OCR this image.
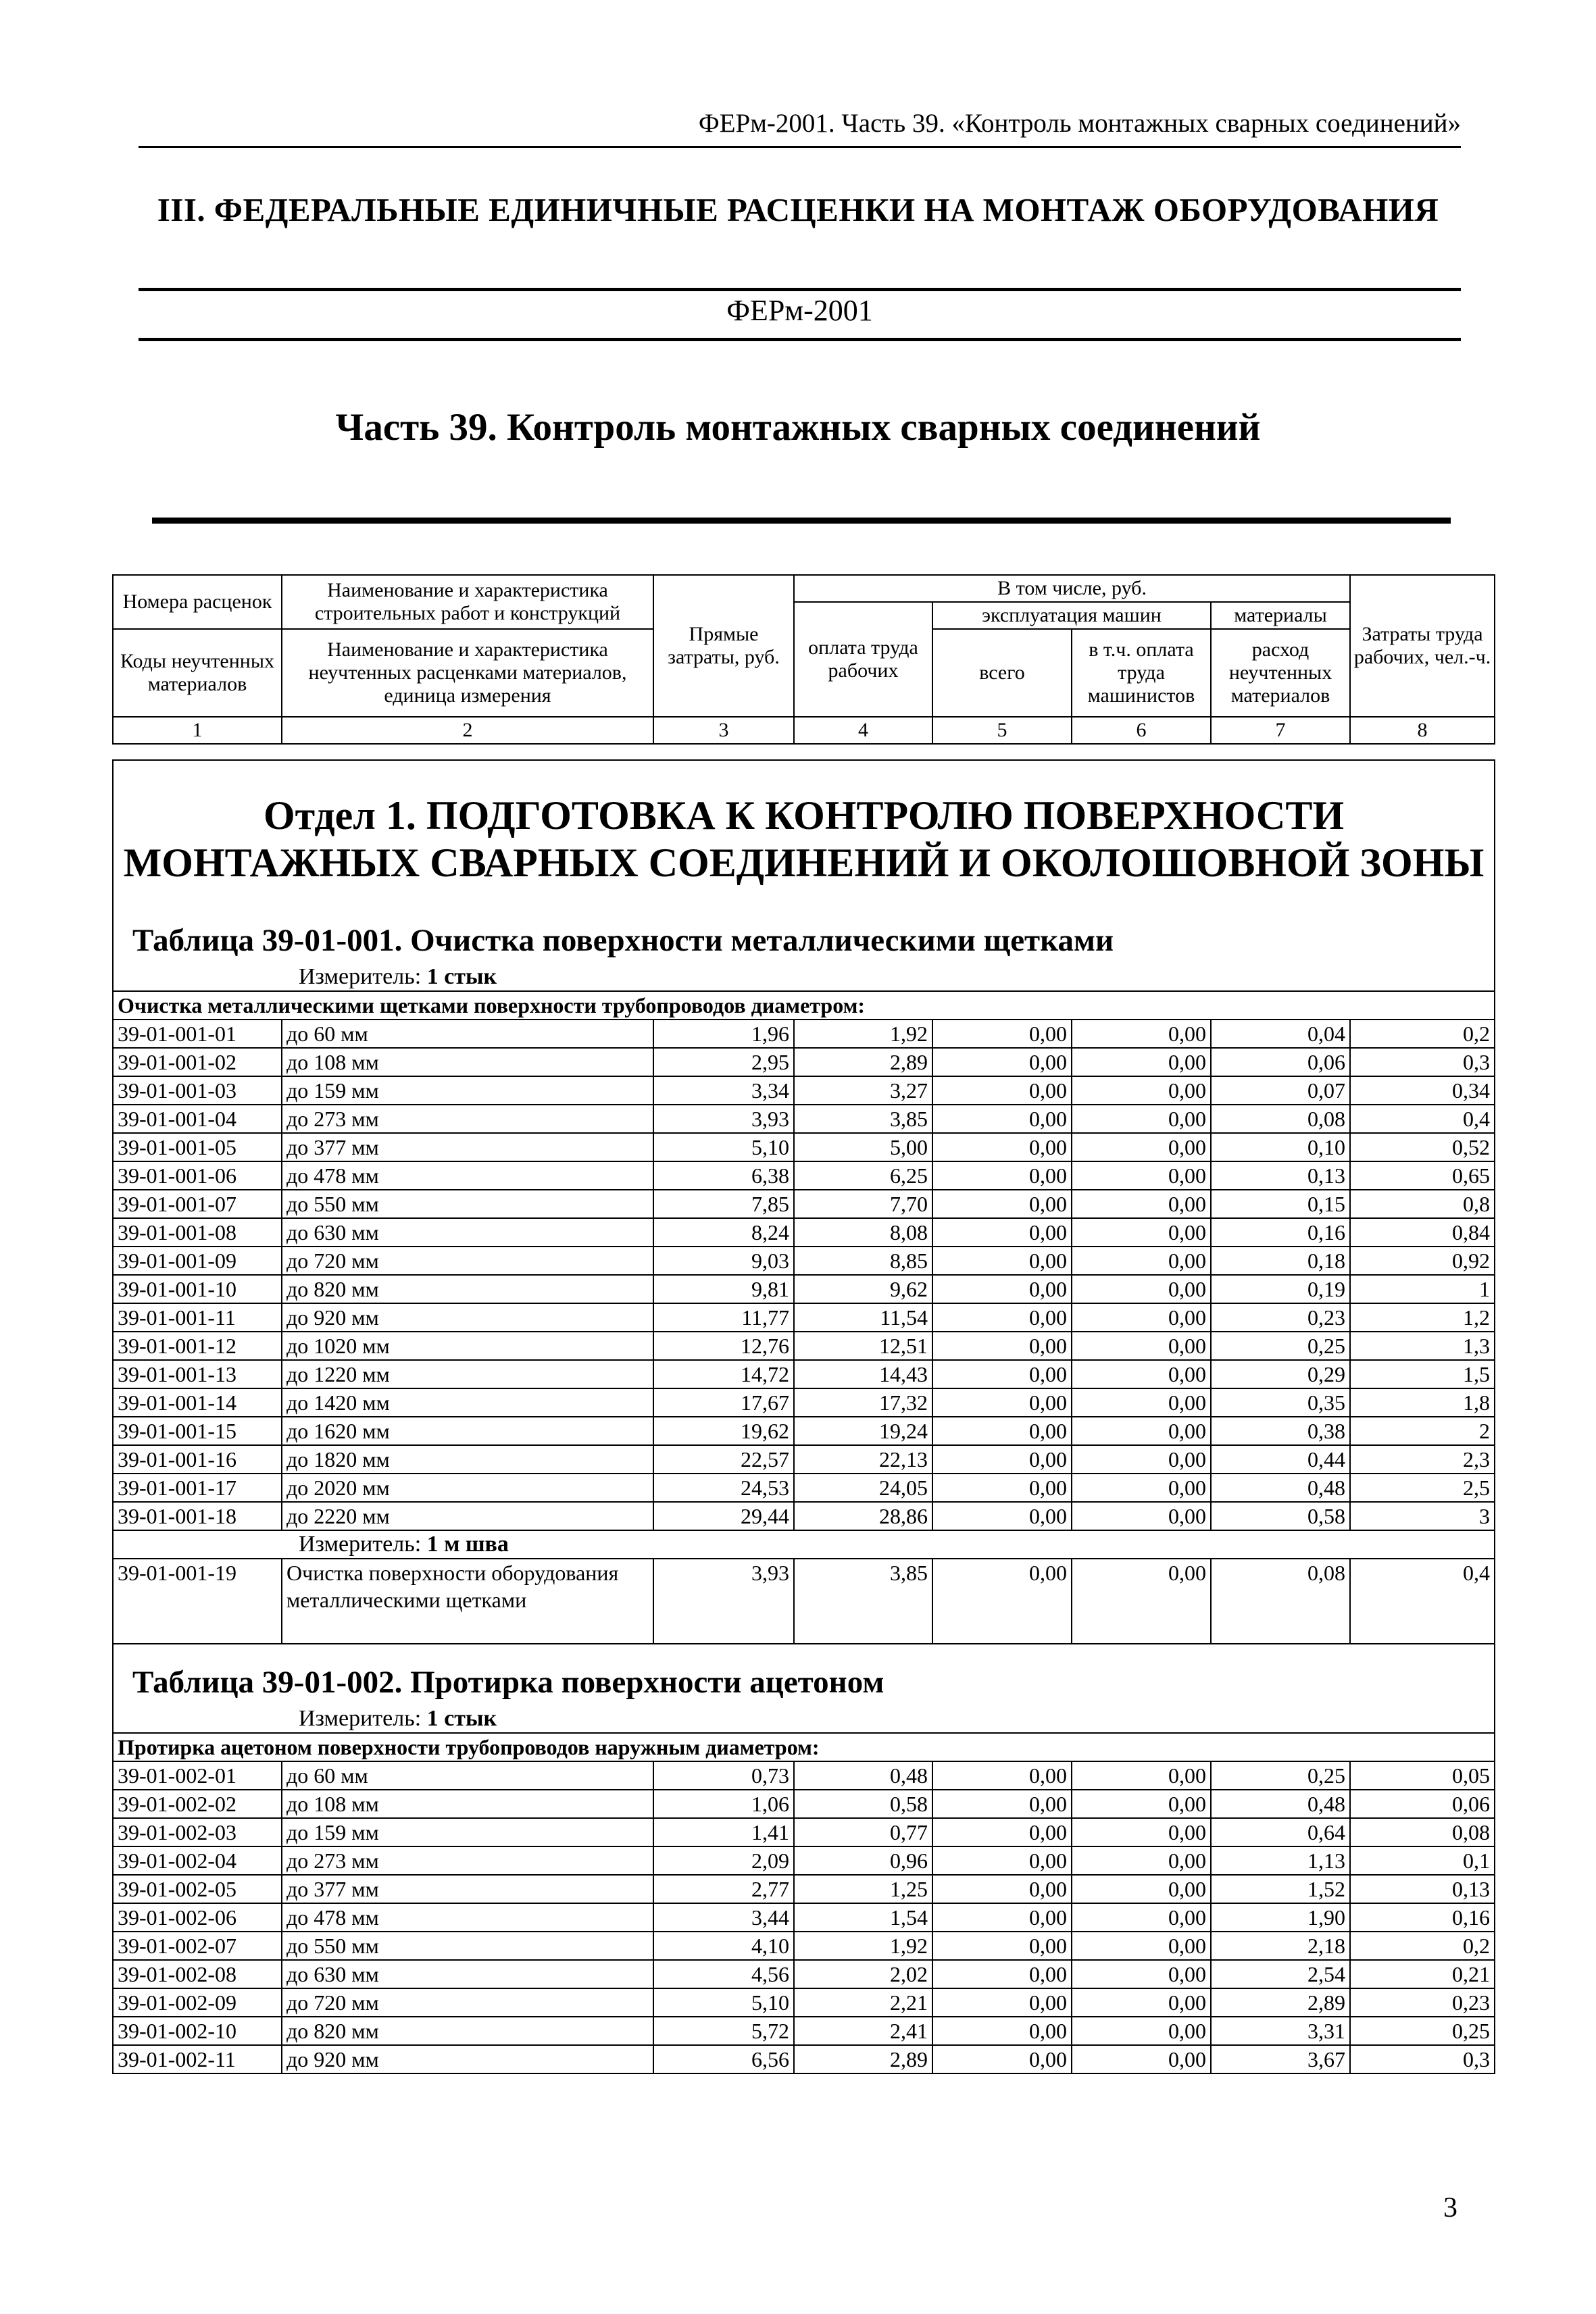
ФЕРм-2001. Часть 39. «Контроль монтажных сварных соединений»
III. ФЕДЕРАЛЬНЫЕ ЕДИНИЧНЫЕ РАСЦЕНКИ НА МОНТАЖ ОБОРУДОВАНИЯ
ФЕРм-2001
Часть 39. Контроль монтажных сварных соединений
Номера расценок	Наименование и характеристика строительных работ и конструкций	Прямые затраты, руб.	В том числе, руб.				Затраты труда рабочих, чел.-ч.
			оплата труда рабочих	эксплуатация машин		материалы	
Коды неучтенных материалов	Наименование и характеристика неучтенных расценками материалов, единица измерения			всего	в т.ч. оплата труда машинистов	расход неучтенных материалов	

1	2	3	4	5	6	7	8
Отдел 1. ПОДГОТОВКА К КОНТРОЛЮ ПОВЕРХНОСТИ МОНТАЖНЫХ СВАРНЫХ СОЕДИНЕНИЙ И ОКОЛОШОВНОЙ ЗОНЫ
Таблица 39-01-001. Очистка поверхности металлическими щетками
Измеритель: 1 стык							

Очистка металлическими щетками поверхности трубопроводов диаметром:							
39-01-001-01	до 60 мм	1,96	1,92	0,00	0,00	0,04	0,2
39-01-001-02	до 108 мм	2,95	2,89	0,00	0,00	0,06	0,3
39-01-001-03	до 159 мм	3,34	3,27	0,00	0,00	0,07	0,34
39-01-001-04	до 273 мм	3,93	3,85	0,00	0,00	0,08	0,4
39-01-001-05	до 377 мм	5,10	5,00	0,00	0,00	0,10	0,52
39-01-001-06	до 478 мм	6,38	6,25	0,00	0,00	0,13	0,65
39-01-001-07	до 550 мм	7,85	7,70	0,00	0,00	0,15	0,8
39-01-001-08	до 630 мм	8,24	8,08	0,00	0,00	0,16	0,84
39-01-001-09	до 720 мм	9,03	8,85	0,00	0,00	0,18	0,92
39-01-001-10	до 820 мм	9,81	9,62	0,00	0,00	0,19	1
39-01-001-11	до 920 мм	11,77	11,54	0,00	0,00	0,23	1,2
39-01-001-12	до 1020 мм	12,76	12,51	0,00	0,00	0,25	1,3
39-01-001-13	до 1220 мм	14,72	14,43	0,00	0,00	0,29	1,5
39-01-001-14	до 1420 мм	17,67	17,32	0,00	0,00	0,35	1,8
39-01-001-15	до 1620 мм	19,62	19,24	0,00	0,00	0,38	2
39-01-001-16	до 1820 мм	22,57	22,13	0,00	0,00	0,44	2,3
39-01-001-17	до 2020 мм	24,53	24,05	0,00	0,00	0,48	2,5
39-01-001-18	до 2220 мм	29,44	28,86	0,00	0,00	0,58	3

Измеритель: 1 м шва							

39-01-001-19	Очистка поверхности оборудования металлическими щетками	3,93	3,85	0,00	0,00	0,08	0,4

Таблица 39-01-002. Протирка поверхности ацетоном
Измеритель: 1 стык							

Протирка ацетоном поверхности трубопроводов наружным диаметром:							
39-01-002-01	до 60 мм	0,73	0,48	0,00	0,00	0,25	0,05
39-01-002-02	до 108 мм	1,06	0,58	0,00	0,00	0,48	0,06
39-01-002-03	до 159 мм	1,41	0,77	0,00	0,00	0,64	0,08
39-01-002-04	до 273 мм	2,09	0,96	0,00	0,00	1,13	0,1
39-01-002-05	до 377 мм	2,77	1,25	0,00	0,00	1,52	0,13
39-01-002-06	до 478 мм	3,44	1,54	0,00	0,00	1,90	0,16
39-01-002-07	до 550 мм	4,10	1,92	0,00	0,00	2,18	0,2
39-01-002-08	до 630 мм	4,56	2,02	0,00	0,00	2,54	0,21
39-01-002-09	до 720 мм	5,10	2,21	0,00	0,00	2,89	0,23
39-01-002-10	до 820 мм	5,72	2,41	0,00	0,00	3,31	0,25
39-01-002-11	до 920 мм	6,56	2,89	0,00	0,00	3,67	0,3
3
